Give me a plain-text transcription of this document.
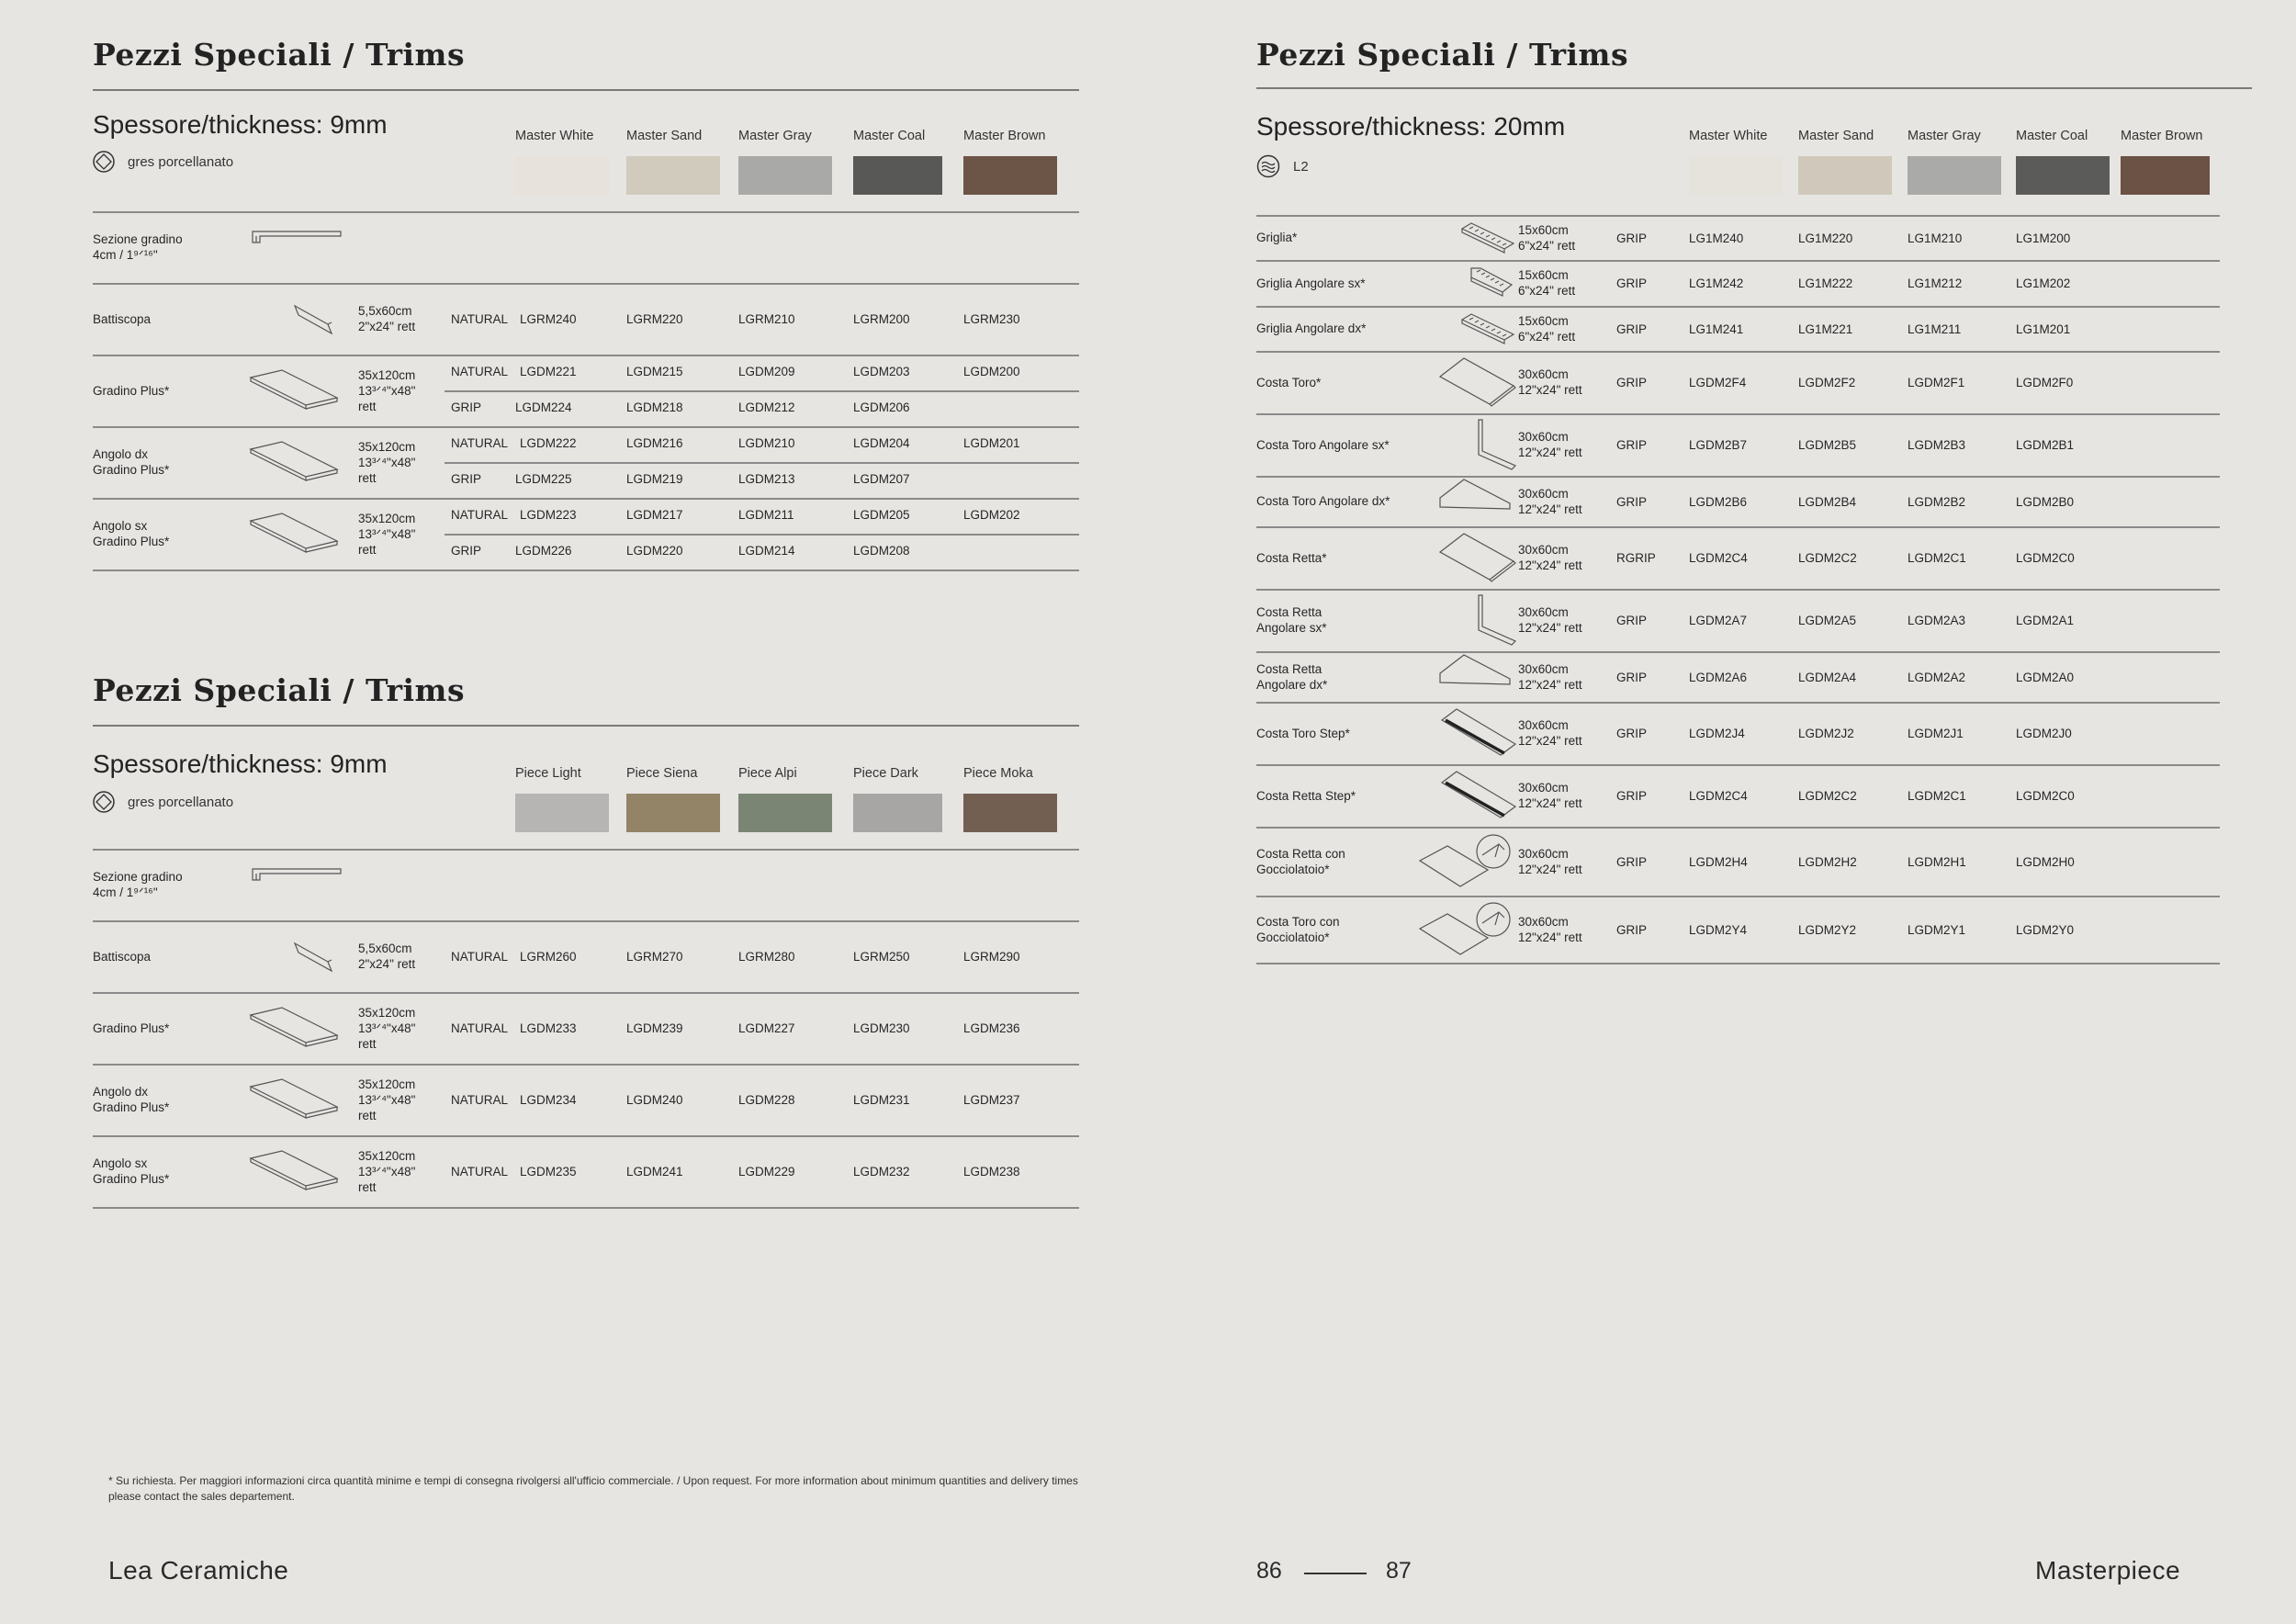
Pezzi Speciali / Trims
Spessore/thickness: 9mm
gres porcellanato
Master White Master Sand	Master Gray	Master Coal	Master Brown
Sezione gradino
4cm / 1⁹ᐟ¹⁶"
Battiscopa
5,5x60cm
2"x24" rett
NATURAL LGRM240	LGRM220	LGRM210	LGRM200	LGRM230
Gradino Plus*
35x120cm
13³ᐟ⁴"x48"
rett
NATURAL LGDM221	LGDM215	LGDM209	LGDM203	LGDM200
GRIP	LGDM224	LGDM218	LGDM212	LGDM206
Angolo dx
Gradino Plus*
35x120cm
13³ᐟ⁴"x48"
rett
NATURAL LGDM222	LGDM216	LGDM210	LGDM204	LGDM201
GRIP	LGDM225	LGDM219	LGDM213	LGDM207
Angolo sx
Gradino Plus*
35x120cm
13³ᐟ⁴"x48"
rett
NATURAL LGDM223	LGDM217	LGDM211	LGDM205	LGDM202
GRIP	LGDM226	LGDM220	LGDM214	LGDM208
Pezzi Speciali / Trims
Spessore/thickness: 9mm
gres porcellanato
Piece Light	Piece Siena	Piece Alpi	Piece Dark	Piece Moka
Sezione gradino
4cm / 1⁹ᐟ¹⁶"
Battiscopa
5,5x60cm
2"x24" rett
NATURAL LGRM260	LGRM270	LGRM280	LGRM250	LGRM290
Gradino Plus*
35x120cm
13³ᐟ⁴"x48"
rett
NATURAL LGDM233	LGDM239	LGDM227	LGDM230	LGDM236
Angolo dx
Gradino Plus*
35x120cm
13³ᐟ⁴"x48"
rett
NATURAL LGDM234	LGDM240	LGDM228	LGDM231	LGDM237
Angolo sx
Gradino Plus*
35x120cm
13³ᐟ⁴"x48"
rett
NATURAL LGDM235	LGDM241	LGDM229	LGDM232	LGDM238
Pezzi Speciali / Trims
Spessore/thickness: 20mm
L2
Master White Master Sand	Master Gray	Master Coal Master Brown
Griglia*
15x60cm
6"x24" rett
GRIP	LG1M240	LG1M220	LG1M210	LG1M200
Griglia Angolare sx*
15x60cm
6"x24" rett
GRIP	LG1M242	LG1M222	LG1M212	LG1M202
Griglia Angolare dx*
15x60cm
6"x24" rett
GRIP	LG1M241	LG1M221	LG1M211	LG1M201
Costa Toro*
30x60cm
12"x24" rett
GRIP	LGDM2F4	LGDM2F2	LGDM2F1	LGDM2F0
Costa Toro Angolare sx*
30x60cm
12"x24" rett
GRIP	LGDM2B7	LGDM2B5	LGDM2B3	LGDM2B1
Costa Toro Angolare dx*
30x60cm
12"x24" rett
GRIP	LGDM2B6	LGDM2B4	LGDM2B2	LGDM2B0
Costa Retta*
30x60cm
12"x24" rett
RGRIP	LGDM2C4	LGDM2C2	LGDM2C1	LGDM2C0
Costa Retta
Angolare sx*
30x60cm
12"x24" rett
GRIP	LGDM2A7	LGDM2A5	LGDM2A3	LGDM2A1
Costa Retta
Angolare dx*
30x60cm
12"x24" rett
GRIP	LGDM2A6	LGDM2A4	LGDM2A2	LGDM2A0
Costa Toro Step*
30x60cm
12"x24" rett
GRIP	LGDM2J4	LGDM2J2	LGDM2J1	LGDM2J0
Costa Retta Step*
30x60cm
12"x24" rett
GRIP	LGDM2C4	LGDM2C2	LGDM2C1	LGDM2C0
Costa Retta con
Gocciolatoio*
30x60cm
12"x24" rett
GRIP	LGDM2H4	LGDM2H2	LGDM2H1	LGDM2H0
Costa Toro con
Gocciolatoio*
30x60cm
12"x24" rett
GRIP	LGDM2Y4	LGDM2Y2	LGDM2Y1	LGDM2Y0
* Su richiesta. Per maggiori informazioni circa quantità minime e tempi di consegna rivolgersi all'ufficio commerciale. / Upon request. For more information about minimum quantities and delivery times please contact the sales departement.
Lea Ceramiche	86	87	Masterpiece
